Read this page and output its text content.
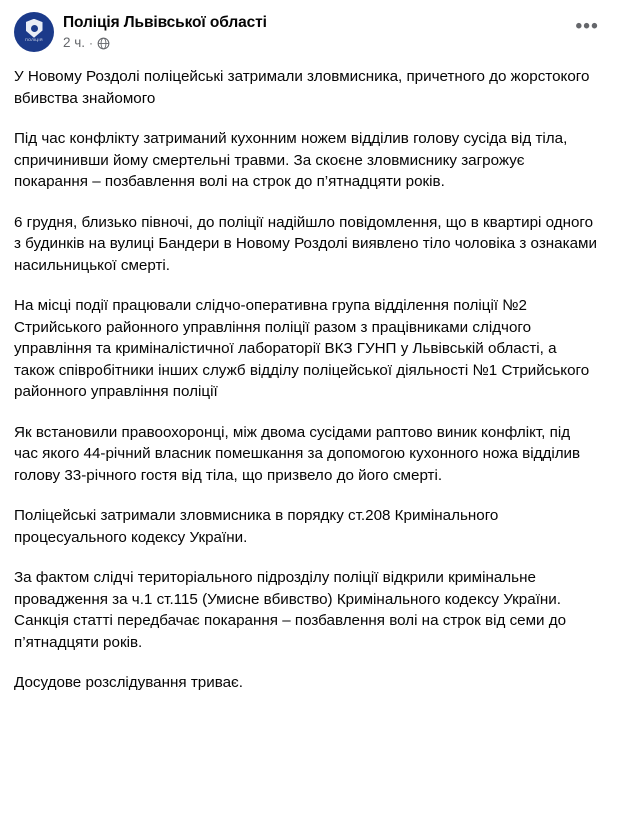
ПОЛІЦІЯ
Поліція Львівської області
2 ч. ·
•••

У Новому Роздолі поліцейські затримали зловмисника, причетного до жорстокого вбивства знайомого

Під час конфлікту затриманий кухонним ножем відділив голову сусіда від тіла, спричинивши йому смертельні травми. За скоєне зловмиснику загрожує покарання – позбавлення волі на строк до п’ятнадцяти років.

6 грудня, близько півночі, до поліції надійшло повідомлення, що в квартирі одного з будинків на вулиці Бандери в Новому Роздолі виявлено тіло чоловіка з ознаками насильницької смерті.

На місці події працювали слідчо-оперативна група відділення поліції №2 Стрийського районного управління поліції разом з працівниками слідчого управління та криміналістичної лабораторії ВКЗ ГУНП у Львівській області, а також співробітники інших служб відділу поліцейської діяльності №1 Стрийського районного управління поліції

Як встановили правоохоронці, між двома сусідами раптово виник конфлікт, під час якого 44-річний власник помешкання за допомогою кухонного ножа відділив голову 33-річного гостя від тіла, що призвело до його смерті.

Поліцейські затримали зловмисника в порядку ст.208 Кримінального процесуального кодексу України.

За фактом слідчі територіального підрозділу поліції відкрили кримінальне провадження за ч.1 ст.115 (Умисне вбивство) Кримінального кодексу України. Санкція статті передбачає покарання – позбавлення волі на строк від семи до п’ятнадцяти років.

Досудове розслідування триває.
